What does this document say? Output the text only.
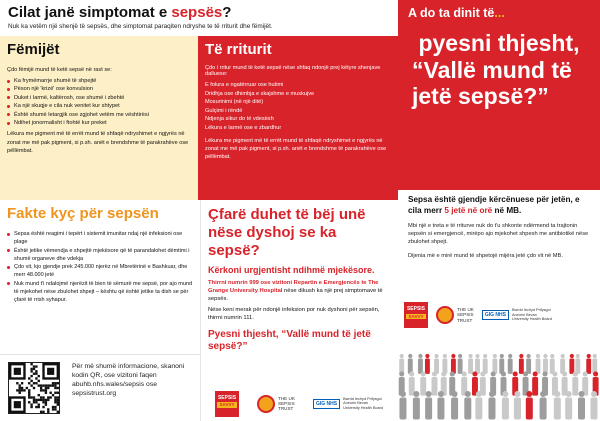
Cilat janë simptomat e sepsës?
Nuk ka vetëm një shenjë të sepsës, dhe simptomat paraqiten ndryshe te të rriturit dhe fëmijët.
Fëmijët
Çdo fëmijë mund të ketë sepsë në rast se:
Ka frymëmarrje shumë të shpejtë
Pëson një 'krizë' ose konvulsion
Duket i larmë, kaltërosh, ose shumë i zbehtë
Ka një skuqje e cila nuk venitet kur shtypet
Është shumë letargjik ose zgjohet vetëm me vështirësi
Ndihet jonormalisht i ftohtë kur preket
Lëkura me pigment më të errët mund të shfaqë ndryshimet e ngjyrës në zonat me më pak pigment, si p.sh. anët e brendshme të parakrahëve ose pëllëmbat.
Të rriturit
Çdo i rritur mund të ketë sepsë nëse shfaq ndonjë prej këtyre shenjave dalluese:
E folura e ngatërruar ose hutimi
Dridhja ose dhimbja e skajshme e muskujve
Mosurinimi (në një ditë)
Gulçimi i rëndë
Ndjenja sikur do të vdesësh
Lëkura e larmë ose e zbardhur
Lëkura me pigment më të errët mund të shfaqë ndryshimet e ngjyrës në zonat me më pak pigment, si p.sh. anët e brendshme të parakrahëve ose pëllëmbat.
A do ta dinit të...
pyesni thjesht,
“Vallë mund të jetë sepsë?”
Sepsa është gjendje kërcënuese për jetën, e cila merr 5 jetë në orë në MB.
Mbi një e treta e të rriturve nuk do t'u shkonte ndërmend ta trajtonin sepsën si emergjencë, mirëpo ajo mjekohet shpesh me antibiotikë nëse zbulohet shpejt.
Dijenia më e mirë mund të shpetojë mijëra jetë çdo vit në MB.
SEPSIS
SAVVY
THE UK
SEPSIS
TRUST
GIG NHS
Bwrdd Iechyd Prifysgol
Aneurin Bevan
University Health Board
Fakte kyç për sepsën
Sepsa është reagimi i tepërt i sistemit imunitar ndaj një infeksioni ose plage
Është jetike vëmendja e shpejtë mjekësore që të parandalohet dëmtimi i shumë organeve dhe vdekja
Çdo vit, kjo gjendje prek 245.000 njerëz në Mbretërinë e Bashkuar, dhe merr 48.000 jetë
Nuk mund t'i ndalojmë njerëzit të bien të sëmurë me sepsë, por ajo mund të mjekohet nëse zbulohet shpejt – kështu që është jetike ta dish se për çfarë të rrish syhapur.
Për më shumë informacione, skanoni kodin QR, ose vizitoni faqen abuhb.nhs.wales/sepsis ose sepsistrust.org
Çfarë duhet të bëj unë nëse dyshoj se ka sepsë?
Kërkoni urgjentisht ndihmë mjekësore.
Thirrni numrin 999 ose vizitoni Repartin e Emergjencës te The Grange University Hospital nëse dikush ka një prej simptomave të sepsës.
Nëse keni merak për ndonjë infeksion por nuk dyshoni për sepsën, thirrni numrin 111.
Pyesni thjesht, “Vallë mund të jetë sepsë?”
SEPSIS
SAVVY
THE UK
SEPSIS
TRUST
GIG NHS
Bwrdd Iechyd Prifysgol
Aneurin Bevan
University Health Board
